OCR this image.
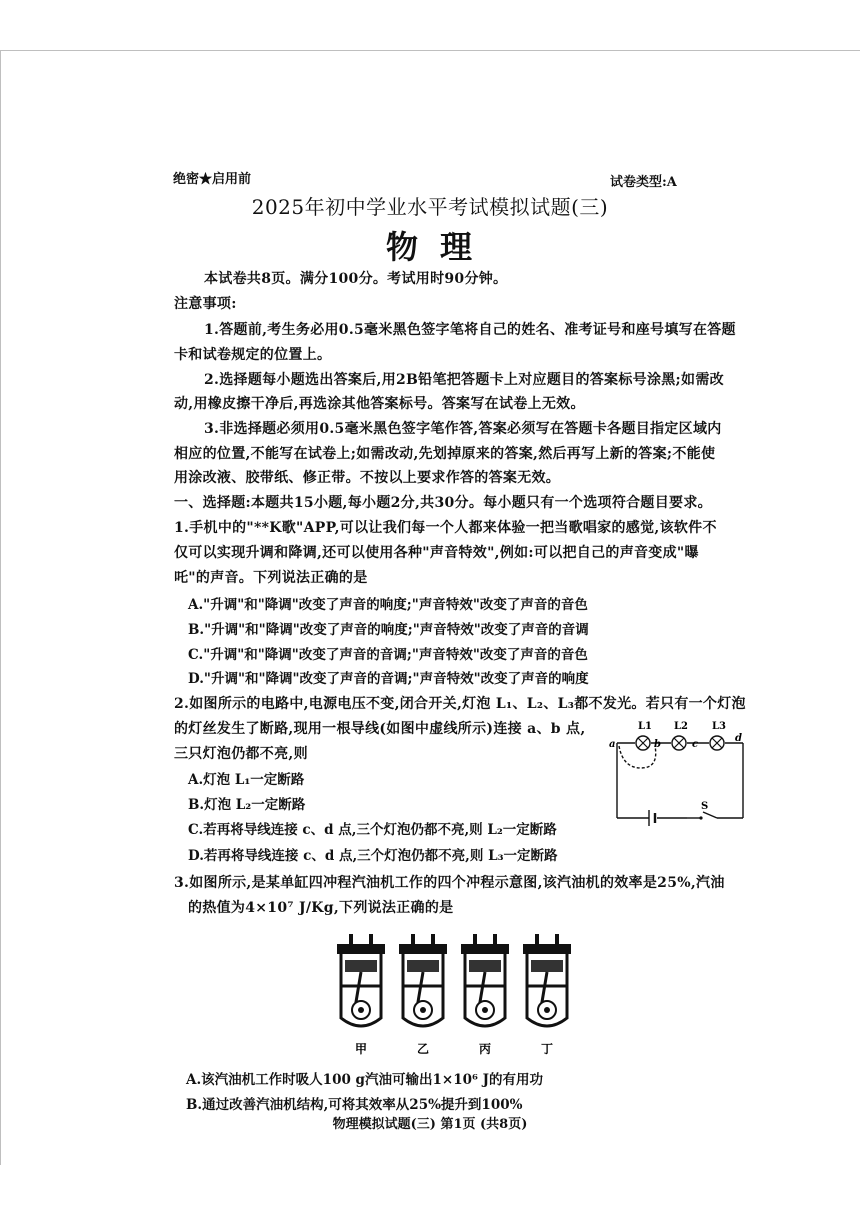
绝密★启用前	试卷类型:A
2025年初中学业水平考试模拟试题(三)
物理
本试卷共8页。满分100分。考试用时90分钟。
注意事项:
1.答题前,考生务必用0.5毫米黑色签字笔将自己的姓名、准考证号和座号填写在答题
卡和试卷规定的位置上。
2.选择题每小题选出答案后,用2B铅笔把答题卡上对应题目的答案标号涂黑;如需改
动,用橡皮擦干净后,再选涂其他答案标号。答案写在试卷上无效。
3.非选择题必须用0.5毫米黑色签字笔作答,答案必须写在答题卡各题目指定区域内
相应的位置,不能写在试卷上;如需改动,先划掉原来的答案,然后再写上新的答案;不能使
用涂改液、胶带纸、修正带。不按以上要求作答的答案无效。
一、选择题:本题共15小题,每小题2分,共30分。每小题只有一个选项符合题目要求。
1.手机中的"**K歌"APP,可以让我们每一个人都来体验一把当歌唱家的感觉,该软件不
仅可以实现升调和降调,还可以使用各种"声音特效",例如:可以把自己的声音变成"曝
吒"的声音。下列说法正确的是
A."升调"和"降调"改变了声音的响度;"声音特效"改变了声音的音色
B."升调"和"降调"改变了声音的响度;"声音特效"改变了声音的音调
C."升调"和"降调"改变了声音的音调;"声音特效"改变了声音的音色
D."升调"和"降调"改变了声音的音调;"声音特效"改变了声音的响度
2.如图所示的电路中,电源电压不变,闭合开关,灯泡 L₁、L₂、L₃都不发光。若只有一个灯泡
的灯丝发生了断路,现用一根导线(如图中虚线所示)连接 a、b 点,
三只灯泡仍都不亮,则
A.灯泡 L₁一定断路
B.灯泡 L₂一定断路
C.若再将导线连接 c、d 点,三个灯泡仍都不亮,则 L₂一定断路
D.若再将导线连接 c、d 点,三个灯泡仍都不亮,则 L₃一定断路
L1 L2 L3
a	b	c
d
S
3.如图所示,是某单缸四冲程汽油机工作的四个冲程示意图,该汽油机的效率是25%,汽油
的热值为4×10⁷ J/Kg,下列说法正确的是
甲	乙	丙	丁
A.该汽油机工作时吸人100 g汽油可输出1×10⁶ J的有用功
B.通过改善汽油机结构,可将其效率从25%提升到100%
物理模拟试题(三) 第1页 (共8页)
